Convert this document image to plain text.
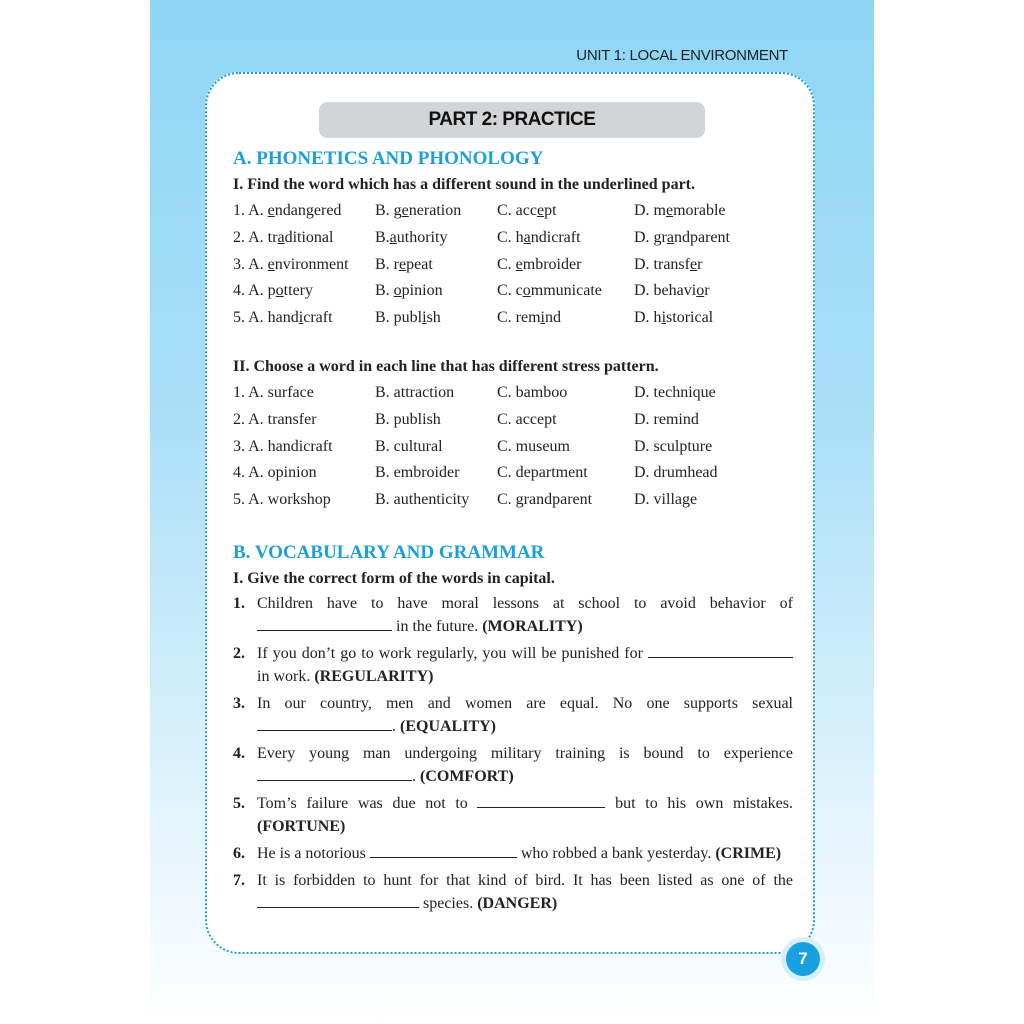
UNIT 1: LOCAL ENVIRONMENT
PART 2: PRACTICE
A. PHONETICS AND PHONOLOGY
I. Find the word which has a different sound in the underlined part.
1. A. endangered	B. generation	C. accept	D. memorable
2. A. traditional	B.authority	C. handicraft	D. grandparent
3. A. environment	B. repeat	C. embroider	D. transfer
4. A. pottery	B. opinion	C. communicate	D. behavior
5. A. handicraft	B. publish	C. remind	D. historical
II. Choose a word in each line that has different stress pattern.
1. A. surface	B. attraction	C. bamboo	D. technique
2. A. transfer	B. publish	C. accept	D. remind
3. A. handicraft	B. cultural	C. museum	D. sculpture
4. A. opinion	B. embroider	C. department	D. drumhead
5. A. workshop	B. authenticity	C. grandparent	D. village
B. VOCABULARY AND GRAMMAR
I. Give the correct form of the words in capital.
1. Children have to have moral lessons at school to avoid behavior of  in the future. (MORALITY)
2. If you don’t go to work regularly, you will be punished for  in work. (REGULARITY)
3. In our country, men and women are equal. No one supports sexual . (EQUALITY)
4. Every young man undergoing military training is bound to experience . (COMFORT)
5. Tom’s failure was due not to	but to his own mistakes. (FORTUNE)
6. He is a notorious	who robbed a bank yesterday. (CRIME)
7. It is forbidden to hunt for that kind of bird. It has been listed as one of the  species. (DANGER)
7
